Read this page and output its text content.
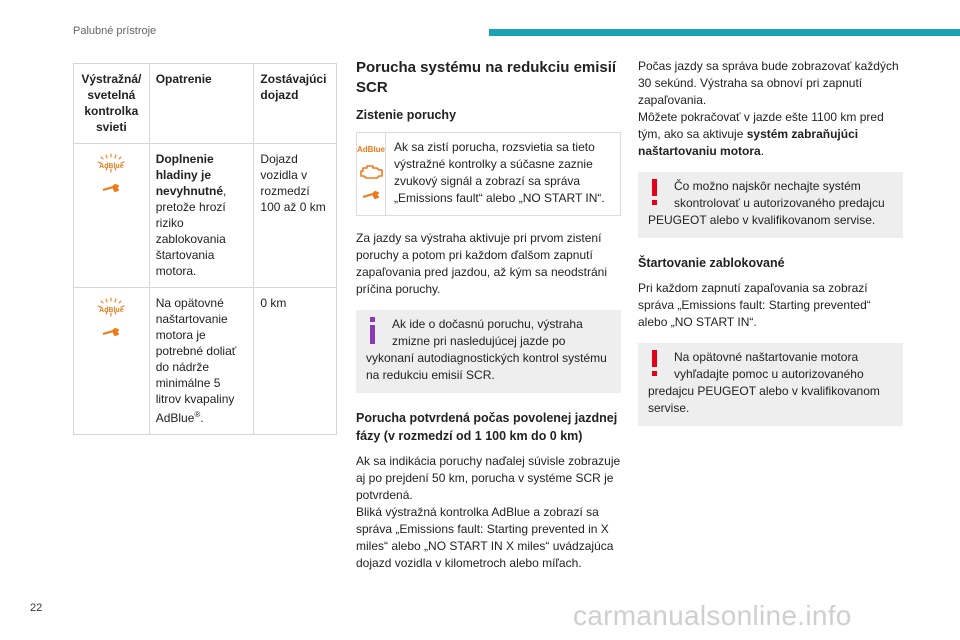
Palubné prístroje
Výstražná/ svetelná kontrolka svieti	Opatrenie	Zostávajúci dojazd

AdBlue	Doplnenie hladiny je nevyhnutné, pretože hrozí riziko zablokovania štartovania motora.	Dojazd vozidla v rozmedzí 100 až 0 km

AdBlue	Na opätovné naštartovanie motora je potrebné doliať do nádržе minimálne 5 litrov kvapaliny AdBlue®.	0 km
Porucha systému na redukciu emisií SCR
Zistenie poruchy
AdBlue Ak sa zistí porucha, rozsvietia sa tieto výstražné kontrolky a súčasne zaznie zvukový signál a zobrazí sa správa „Emissions fault“ alebo „NO START IN“.
Za jazdy sa výstraha aktivuje pri prvom zistení poruchy a potom pri každom ďalšom zapnutí zapaľovania pred jazdou, až kým sa neodstráni príčina poruchy.
Ak ide o dočasnú poruchu, výstraha zmizne pri nasledujúcej jazde po vykonaní autodiagnostických kontrol systému na redukciu emisií SCR.
Porucha potvrdená počas povolenej jazdnej fázy (v rozmedzí od 1 100 km do 0 km)
Ak sa indikácia poruchy naďalej súvisle zobrazuje aj po prejdení 50 km, porucha v systéme SCR je potvrdená.
Bliká výstražná kontrolka AdBlue a zobrazí sa správa „Emissions fault: Starting prevented in X miles“ alebo „NO START IN X miles“ uvádzajúca dojazd vozidla v kilometroch alebo míľach.
Počas jazdy sa správa bude zobrazovať každých 30 sekúnd. Výstraha sa obnoví pri zapnutí zapaľovania.
Môžete pokračovať v jazde ešte 1100 km pred tým, ako sa aktivuje systém zabraňujúci naštartovaniu motora.
Čo možno najskôr nechajte systém skontrolovať u autorizovaného predajcu PEUGEOT alebo v kvalifikovanom servise.
Štartovanie zablokované
Pri každom zapnutí zapaľovania sa zobrazí správa „Emissions fault: Starting prevented“ alebo „NO START IN“.
Na opätovné naštartovanie motora vyhľadajte pomoc u autorizovaného predajcu PEUGEOT alebo v kvalifikovanom servise.
22	carmanualsonline.info
